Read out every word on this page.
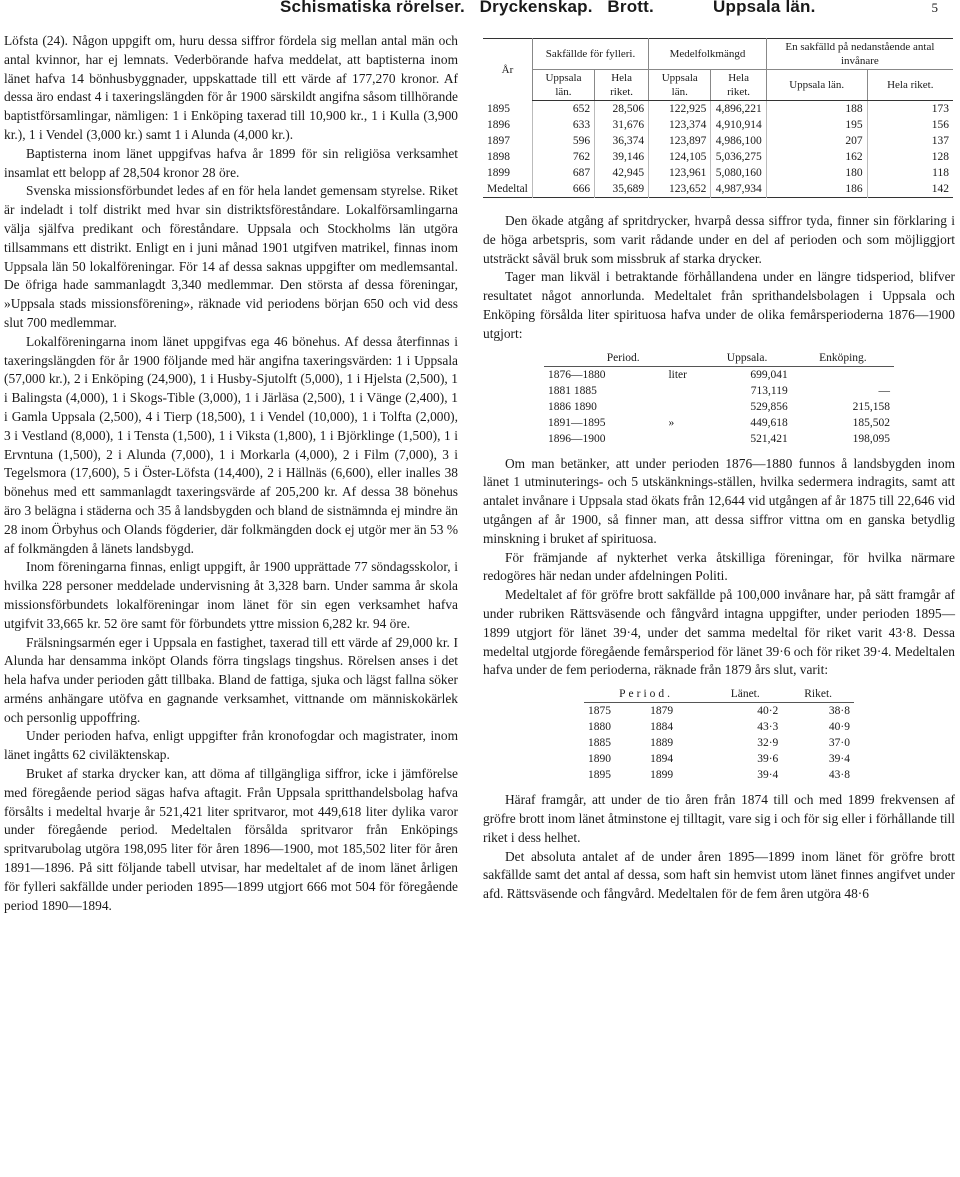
Schismatiska rörelser.   Dryckenskap.   Brott.            Uppsala län.	5

Löfsta (24). Någon uppgift om, huru dessa siffror fördela sig mellan antal män och antal kvinnor, har ej lemnats. Vederbörande hafva meddelat, att baptisterna inom länet hafva 14 bönhusbyggnader, uppskattade till ett värde af 177,270 kronor. Af dessa äro endast 4 i taxeringslängden för år 1900 särskildt angifna såsom tillhörande baptistförsamlingar, nämligen: 1 i Enköping taxerad till 10,900 kr., 1 i Kulla (3,900 kr.), 1 i Vendel (3,000 kr.) samt 1 i Alunda (4,000 kr.).

Baptisterna inom länet uppgifvas hafva år 1899 för sin religiösa verksamhet insamlat ett belopp af 28,504 kronor 28 öre.

Svenska missionsförbundet ledes af en för hela landet gemensam styrelse. Riket är indeladt i tolf distrikt med hvar sin distriktsföreståndare. Lokalförsamlingarna välja själfva predikant och föreståndare. Uppsala och Stockholms län utgöra tillsammans ett distrikt. Enligt en i juni månad 1901 utgifven matrikel, finnas inom Uppsala län 50 lokalföreningar. För 14 af dessa saknas uppgifter om medlemsantal. De öfriga hade sammanlagdt 3,340 medlemmar. Den största af dessa föreningar, »Uppsala stads missionsförening», räknade vid periodens början 650 och vid dess slut 700 medlemmar.

Lokalföreningarna inom länet uppgifvas ega 46 bönehus. Af dessa återfinnas i taxeringslängden för år 1900 följande med här angifna taxeringsvärden: 1 i Uppsala (57,000 kr.), 2 i Enköping (24,900), 1 i Husby-Sjutolft (5,000), 1 i Hjelsta (2,500), 1 i Balingsta (4,000), 1 i Skogs-Tible (3,000), 1 i Järläsa (2,500), 1 i Vänge (2,400), 1 i Gamla Uppsala (2,500), 4 i Tierp (18,500), 1 i Vendel (10,000), 1 i Tolfta (2,000), 3 i Vestland (8,000), 1 i Tensta (1,500), 1 i Viksta (1,800), 1 i Björklinge (1,500), 1 i Ervntuna (1,500), 2 i Alunda (7,000), 1 i Morkarla (4,000), 2 i Film (7,000), 3 i Tegelsmora (17,600), 5 i Öster-Löfsta (14,400), 2 i Hällnäs (6,600), eller inalles 38 bönehus med ett sammanlagdt taxeringsvärde af 205,200 kr. Af dessa 38 bönehus äro 3 belägna i städerna och 35 å landsbygden och bland de sistnämnda ej mindre än 28 inom Örbyhus och Olands fögderier, där folkmängden dock ej utgör mer än 53 % af folkmängden å länets landsbygd.

Inom föreningarna finnas, enligt uppgift, år 1900 upprättade 77 söndagsskolor, i hvilka 228 personer meddelade undervisning åt 3,328 barn. Under samma år skola missionsförbundets lokalföreningar inom länet för sin egen verksamhet hafva utgifvit 33,665 kr. 52 öre samt för förbundets yttre mission 6,282 kr. 94 öre.

Frälsningsarmén eger i Uppsala en fastighet, taxerad till ett värde af 29,000 kr. I Alunda har densamma inköpt Olands förra tingslags tingshus. Rörelsen anses i det hela hafva under perioden gått tillbaka. Bland de fattiga, sjuka och lägst fallna söker arméns anhängare utöfva en gagnande verksamhet, vittnande om människokärlek och personlig uppoffring.

Under perioden hafva, enligt uppgifter från kronofogdar och magistrater, inom länet ingåtts 62 civiläktenskap.

Bruket af starka drycker kan, att döma af tillgängliga siffror, icke i jämförelse med föregående period sägas hafva aftagit. Från Uppsala spritthandelsbolag hafva försålts i medeltal hvarje år 521,421 liter spritvaror, mot 449,618 liter dylika varor under föregående period. Medeltalen försålda spritvaror från Enköpings spritvarubolag utgöra 198,095 liter för åren 1896—1900, mot 185,502 liter för åren 1891—1896. På sitt följande tabell utvisar, har medeltalet af de inom länet årligen för fylleri sakfällde under perioden 1895—1899 utgjort 666 mot 504 för föregående period 1890—1894.

År	Sakfällde för fylleri.		Medelfolkmängd		En sakfälld på nedanstående antal invånare	
	Uppsala län.	Hela riket.	Uppsala län.	Hela riket.	Uppsala län.	Hela riket.
1895	652	28,506	122,925	4,896,221	188	173
1896	633	31,676	123,374	4,910,914	195	156
1897	596	36,374	123,897	4,986,100	207	137
1898	762	39,146	124,105	5,036,275	162	128
1899	687	42,945	123,961	5,080,160	180	118
Medeltal	666	35,689	123,652	4,987,934	186	142

Den ökade atgång af spritdrycker, hvarpå dessa siffror tyda, finner sin förklaring i de höga arbetspris, som varit rådande under en del af perioden och som möjliggjort utsträckt såväl bruk som missbruk af starka drycker.

Tager man likväl i betraktande förhållandena under en längre tidsperiod, blifver resultatet något annorlunda. Medeltalet från sprithandelsbolagen i Uppsala och Enköping försålda liter spirituosa hafva under de olika femårsperioderna 1876—1900 utgjort:

Period.		Uppsala.	Enköping.
1876—1880	liter	699,041	
1881 1885		713,119	—
1886 1890		529,856	215,158
1891—1895	»	449,618	185,502
1896—1900		521,421	198,095

Om man betänker, att under perioden 1876—1880 funnos å landsbygden inom länet 1 utminuterings- och 5 utskänknings-ställen, hvilka sedermera indragits, samt att antalet invånare i Uppsala stad ökats från 12,644 vid utgången af år 1875 till 22,646 vid utgången af år 1900, så finner man, att dessa siffror vittna om en ganska betydlig minskning i bruket af spirituosa.

För främjande af nykterhet verka åtskilliga föreningar, för hvilka närmare redogöres här nedan under afdelningen Politi.

Medeltalet af för gröfre brott sakfällde på 100,000 invånare har, på sätt framgår af under rubriken Rättsväsende och fångvård intagna uppgifter, under perioden 1895—1899 utgjort för länet 39·4, under det samma medeltal för riket varit 43·8. Dessa medeltal utgjorde föregående femårsperiod för länet 39·6 och för riket 39·4. Medeltalen hafva under de fem perioderna, räknade från 1879 års slut, varit:

Period.		Länet.	Riket.
1875	1879	40·2	38·8
1880	1884	43·3	40·9
1885	1889	32·9	37·0
1890	1894	39·6	39·4
1895	1899	39·4	43·8

Häraf framgår, att under de tio åren från 1874 till och med 1899 frekvensen af gröfre brott inom länet åtminstone ej tilltagit, vare sig i och för sig eller i förhållande till riket i dess helhet.

Det absoluta antalet af de under åren 1895—1899 inom länet för gröfre brott sakfällde samt det antal af dessa, som haft sin hemvist utom länet finnes angifvet under afd. Rättsväsende och fångvård. Medeltalen för de fem åren utgöra 48·6
